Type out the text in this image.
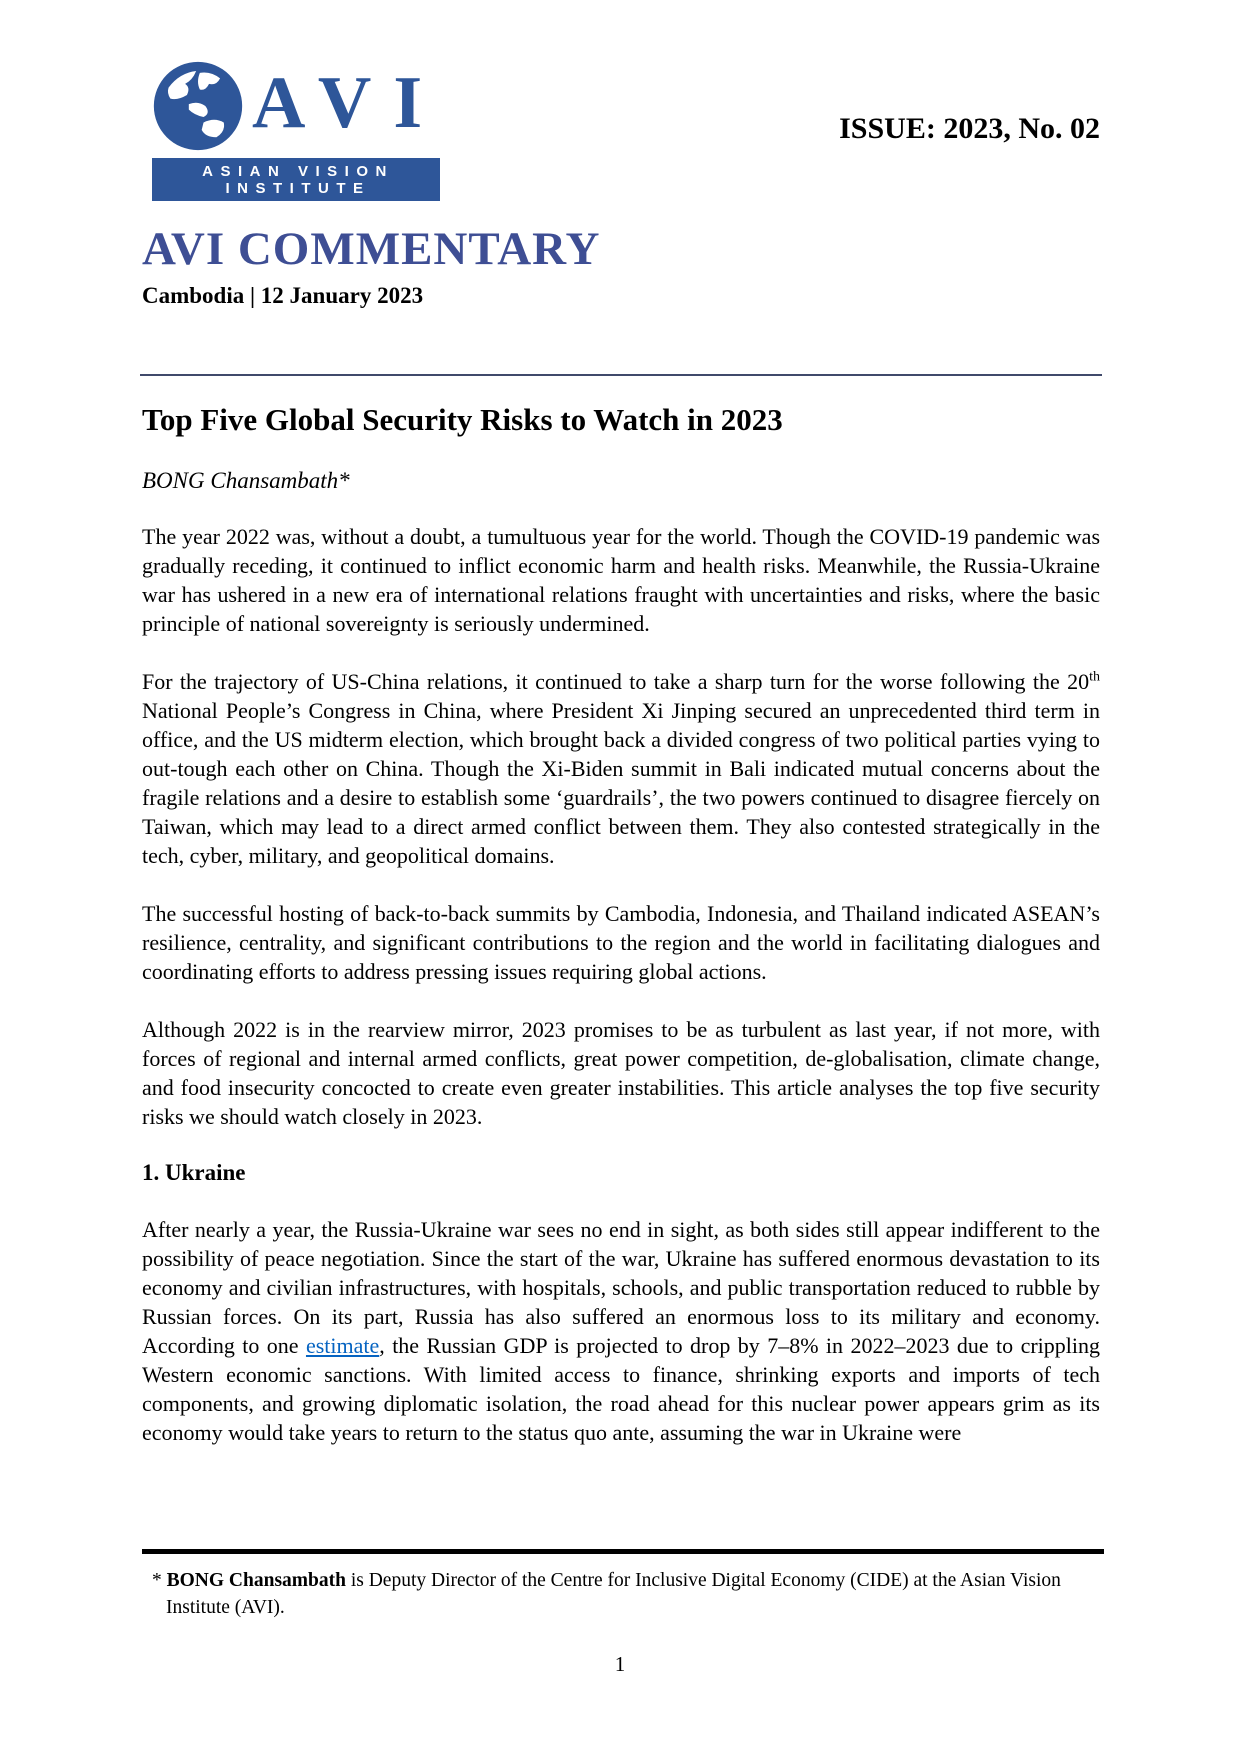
AVI
ASIAN VISION INSTITUTE
ISSUE: 2023, No. 02
AVI COMMENTARY
Cambodia | 12 January 2023
Top Five Global Security Risks to Watch in 2023
BONG Chansambath*

The year 2022 was, without a doubt, a tumultuous year for the world. Though the COVID-19 pandemic was gradually receding, it continued to inflict economic harm and health risks. Meanwhile, the Russia-Ukraine war has ushered in a new era of international relations fraught with uncertainties and risks, where the basic principle of national sovereignty is seriously undermined.

For the trajectory of US-China relations, it continued to take a sharp turn for the worse following the 20th National People’s Congress in China, where President Xi Jinping secured an unprecedented third term in office, and the US midterm election, which brought back a divided congress of two political parties vying to out-tough each other on China. Though the Xi-Biden summit in Bali indicated mutual concerns about the fragile relations and a desire to establish some ‘guardrails’, the two powers continued to disagree fiercely on Taiwan, which may lead to a direct armed conflict between them. They also contested strategically in the tech, cyber, military, and geopolitical domains.

The successful hosting of back-to-back summits by Cambodia, Indonesia, and Thailand indicated ASEAN’s resilience, centrality, and significant contributions to the region and the world in facilitating dialogues and coordinating efforts to address pressing issues requiring global actions.

Although 2022 is in the rearview mirror, 2023 promises to be as turbulent as last year, if not more, with forces of regional and internal armed conflicts, great power competition, de-globalisation, climate change, and food insecurity concocted to create even greater instabilities. This article analyses the top five security risks we should watch closely in 2023.

1. Ukraine

After nearly a year, the Russia-Ukraine war sees no end in sight, as both sides still appear indifferent to the possibility of peace negotiation. Since the start of the war, Ukraine has suffered enormous devastation to its economy and civilian infrastructures, with hospitals, schools, and public transportation reduced to rubble by Russian forces. On its part, Russia has also suffered an enormous loss to its military and economy. According to one estimate, the Russian GDP is projected to drop by 7–8% in 2022–2023 due to crippling Western economic sanctions. With limited access to finance, shrinking exports and imports of tech components, and growing diplomatic isolation, the road ahead for this nuclear power appears grim as its economy would take years to return to the status quo ante, assuming the war in Ukraine were

* BONG Chansambath is Deputy Director of the Centre for Inclusive Digital Economy (CIDE) at the Asian Vision Institute (AVI).

1
